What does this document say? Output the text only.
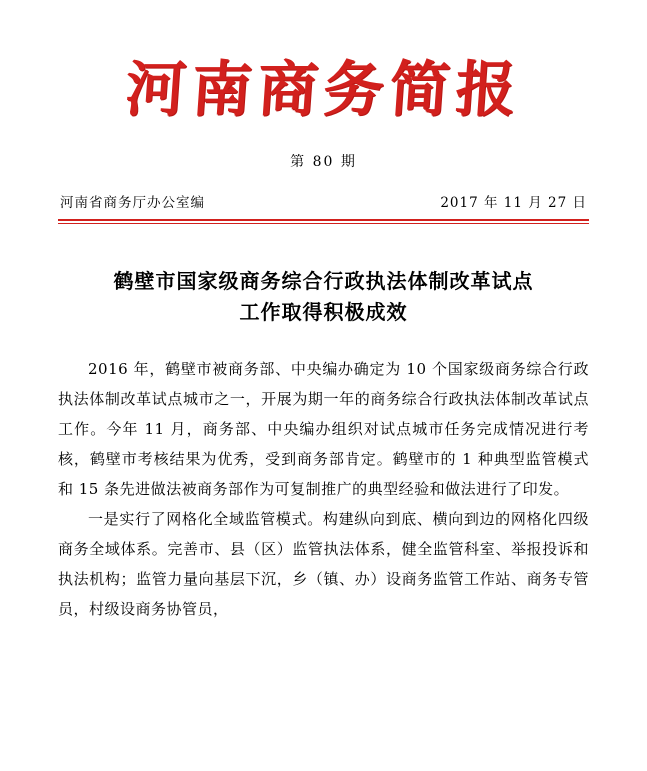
河南商务简报
第 80 期
河南省商务厅办公室编	2017 年 11 月 27 日
鹤壁市国家级商务综合行政执法体制改革试点
工作取得积极成效

2016 年，鹤壁市被商务部、中央编办确定为 10 个国家级商务综合行政执法体制改革试点城市之一，开展为期一年的商务综合行政执法体制改革试点工作。今年 11 月，商务部、中央编办组织对试点城市任务完成情况进行考核，鹤壁市考核结果为优秀，受到商务部肯定。鹤壁市的 1 种典型监管模式和 15 条先进做法被商务部作为可复制推广的典型经验和做法进行了印发。

一是实行了网格化全域监管模式。构建纵向到底、横向到边的网格化四级商务全域体系。完善市、县（区）监管执法体系，健全监管科室、举报投诉和执法机构；监管力量向基层下沉，乡（镇、办）设商务监管工作站、商务专管员，村级设商务协管员，
